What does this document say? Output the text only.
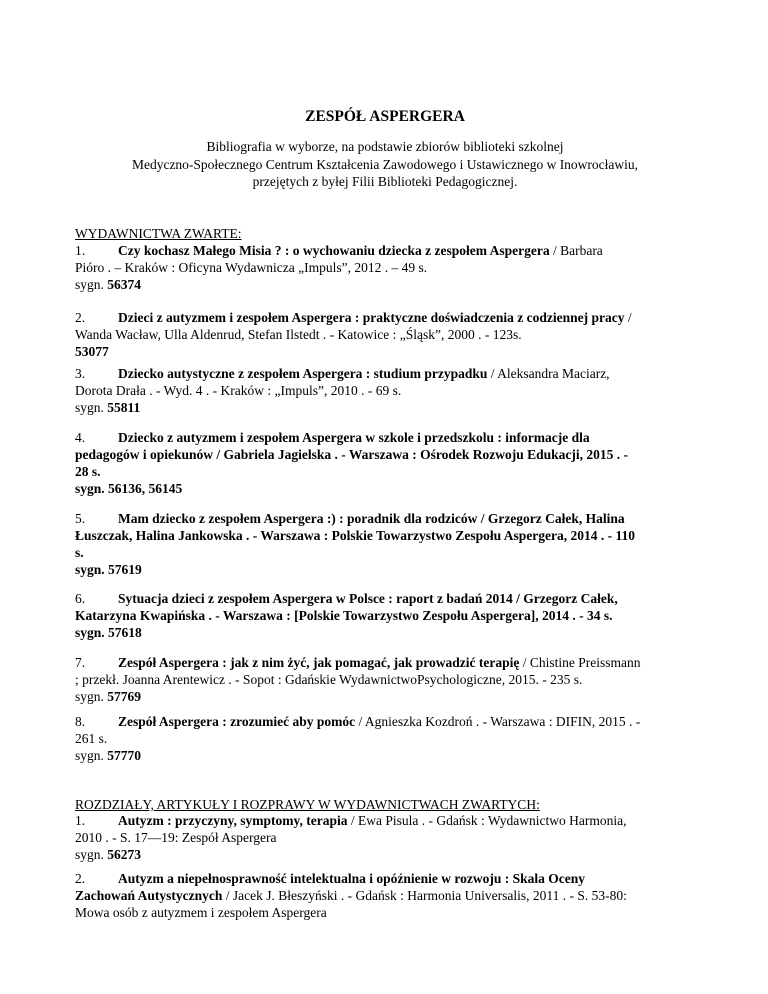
ZESPÓŁ ASPERGERA
Bibliografia w wyborze, na podstawie zbiorów biblioteki szkolnej
Medyczno-Społecznego Centrum Kształcenia Zawodowego i Ustawicznego w Inowrocławiu,
przejętych z byłej Filii Biblioteki Pedagogicznej.
WYDAWNICTWA ZWARTE:
1. Czy kochasz Małego Misia ? : o wychowaniu dziecka z zespołem Aspergera / Barbara
Pióro . – Kraków : Oficyna Wydawnicza „Impuls”, 2012 . – 49 s.
sygn. 56374
2. Dzieci z autyzmem i zespołem Aspergera : praktyczne doświadczenia z codziennej pracy /
Wanda Wacław, Ulla Aldenrud, Stefan Ilstedt . - Katowice : „Śląsk”, 2000 . - 123s.
53077
3. Dziecko autystyczne z zespołem Aspergera : studium przypadku / Aleksandra Maciarz,
Dorota Drała . - Wyd. 4 . - Kraków : „Impuls”, 2010 . - 69 s.
sygn. 55811
4. Dziecko z autyzmem i zespołem Aspergera w szkole i przedszkolu : informacje dla
pedagogów i opiekunów / Gabriela Jagielska . - Warszawa : Ośrodek Rozwoju Edukacji, 2015 . -
28 s.
sygn. 56136, 56145
5. Mam dziecko z zespołem Aspergera :) : poradnik dla rodziców / Grzegorz Całek, Halina
Łuszczak, Halina Jankowska . - Warszawa : Polskie Towarzystwo Zespołu Aspergera, 2014 . - 110
s.
sygn. 57619
6. Sytuacja dzieci z zespołem Aspergera w Polsce : raport z badań 2014 / Grzegorz Całek,
Katarzyna Kwapińska . - Warszawa : [Polskie Towarzystwo Zespołu Aspergera], 2014 . - 34 s.
sygn. 57618
7. Zespół Aspergera : jak z nim żyć, jak pomagać, jak prowadzić terapię / Chistine Preissmann
; przekł. Joanna Arentewicz . - Sopot : Gdańskie WydawnictwoPsychologiczne, 2015. - 235 s.
sygn. 57769
8. Zespół Aspergera : zrozumieć aby pomóc / Agnieszka Kozdroń . - Warszawa : DIFIN, 2015 . -
261 s.
sygn. 57770
ROZDZIAŁY, ARTYKUŁY I ROZPRAWY W WYDAWNICTWACH ZWARTYCH:
1. Autyzm : przyczyny, symptomy, terapia / Ewa Pisula . - Gdańsk : Wydawnictwo Harmonia,
2010 . - S. 17—19: Zespół Aspergera
sygn. 56273
2. Autyzm a niepełnosprawność intelektualna i opóźnienie w rozwoju : Skala Oceny
Zachowań Autystycznych / Jacek J. Błeszyński . - Gdańsk : Harmonia Universalis, 2011 . - S. 53-80:
Mowa osób z autyzmem i zespołem Aspergera
